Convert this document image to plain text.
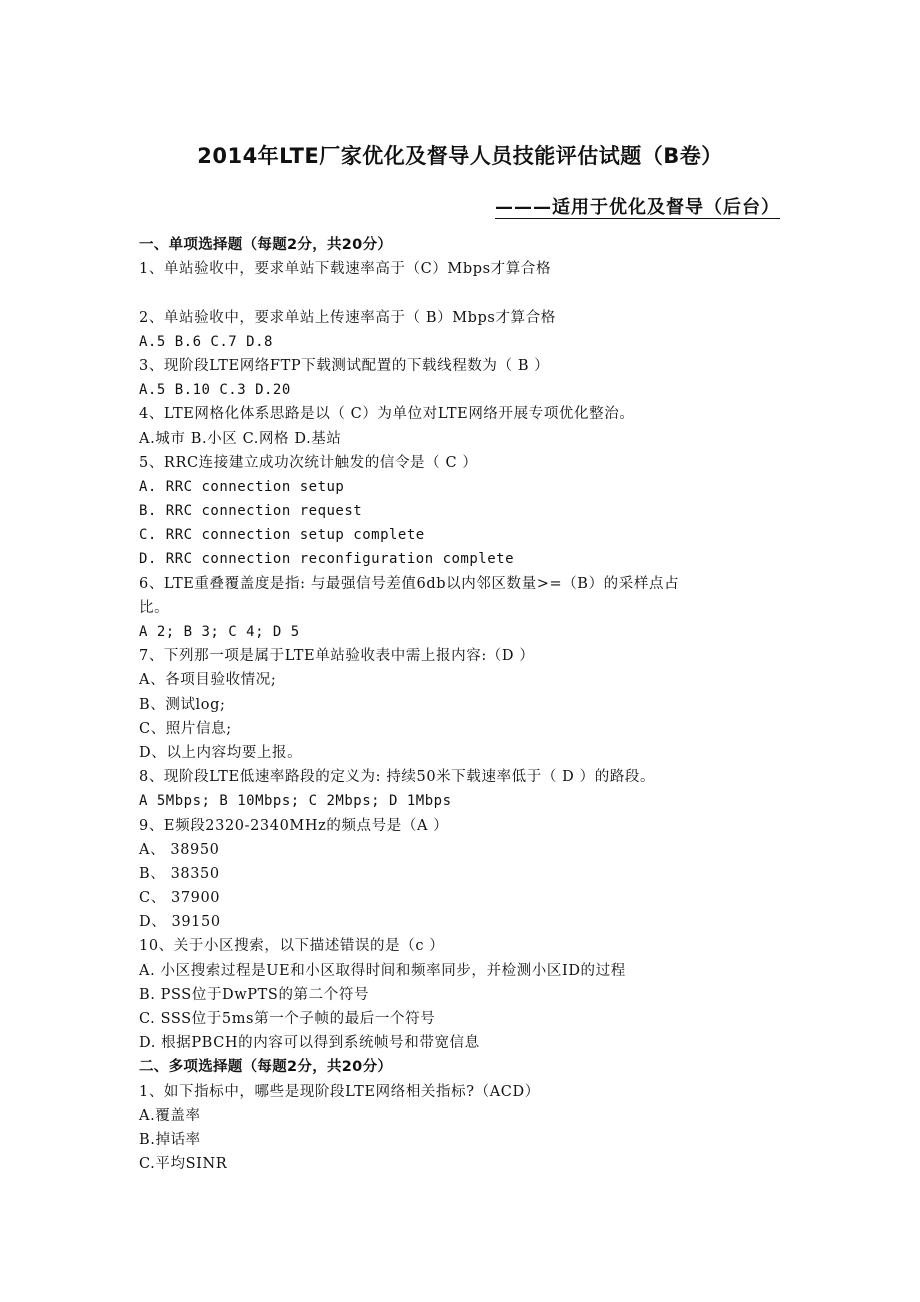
2014年LTE厂家优化及督导人员技能评估试题（B卷）
———适用于优化及督导（后台）
一、单项选择题（每题2分，共20分）
1、单站验收中，要求单站下载速率高于（C）Mbps才算合格
2、单站验收中，要求单站上传速率高于（ B）Mbps才算合格
A.5 B.6 C.7 D.8
3、现阶段LTE网络FTP下载测试配置的下载线程数为（ B ）
A.5 B.10 C.3 D.20
4、LTE网格化体系思路是以（ C）为单位对LTE网络开展专项优化整治。
A.城市 B.小区 C.网格 D.基站
5、RRC连接建立成功次统计触发的信令是（ C ）
A. RRC connection setup
B. RRC connection request
C. RRC connection setup complete
D. RRC connection reconfiguration complete
6、LTE重叠覆盖度是指: 与最强信号差值6db以内邻区数量>=（B）的采样点占
比。
A 2; B 3; C 4; D 5
7、下列那一项是属于LTE单站验收表中需上报内容:（D ）
A、各项目验收情况;
B、测试log;
C、照片信息;
D、以上内容均要上报。
8、现阶段LTE低速率路段的定义为: 持续50米下载速率低于（ D ）的路段。
A 5Mbps; B 10Mbps; C 2Mbps; D 1Mbps
9、E频段2320-2340MHz的频点号是（A ）
A、 38950
B、 38350
C、 37900
D、 39150
10、关于小区搜索，以下描述错误的是（c ）
A. 小区搜索过程是UE和小区取得时间和频率同步，并检测小区ID的过程
B. PSS位于DwPTS的第二个符号
C. SSS位于5ms第一个子帧的最后一个符号
D. 根据PBCH的内容可以得到系统帧号和带宽信息
二、多项选择题（每题2分，共20分）
1、如下指标中，哪些是现阶段LTE网络相关指标?（ACD）
A.覆盖率
B.掉话率
C.平均SINR
